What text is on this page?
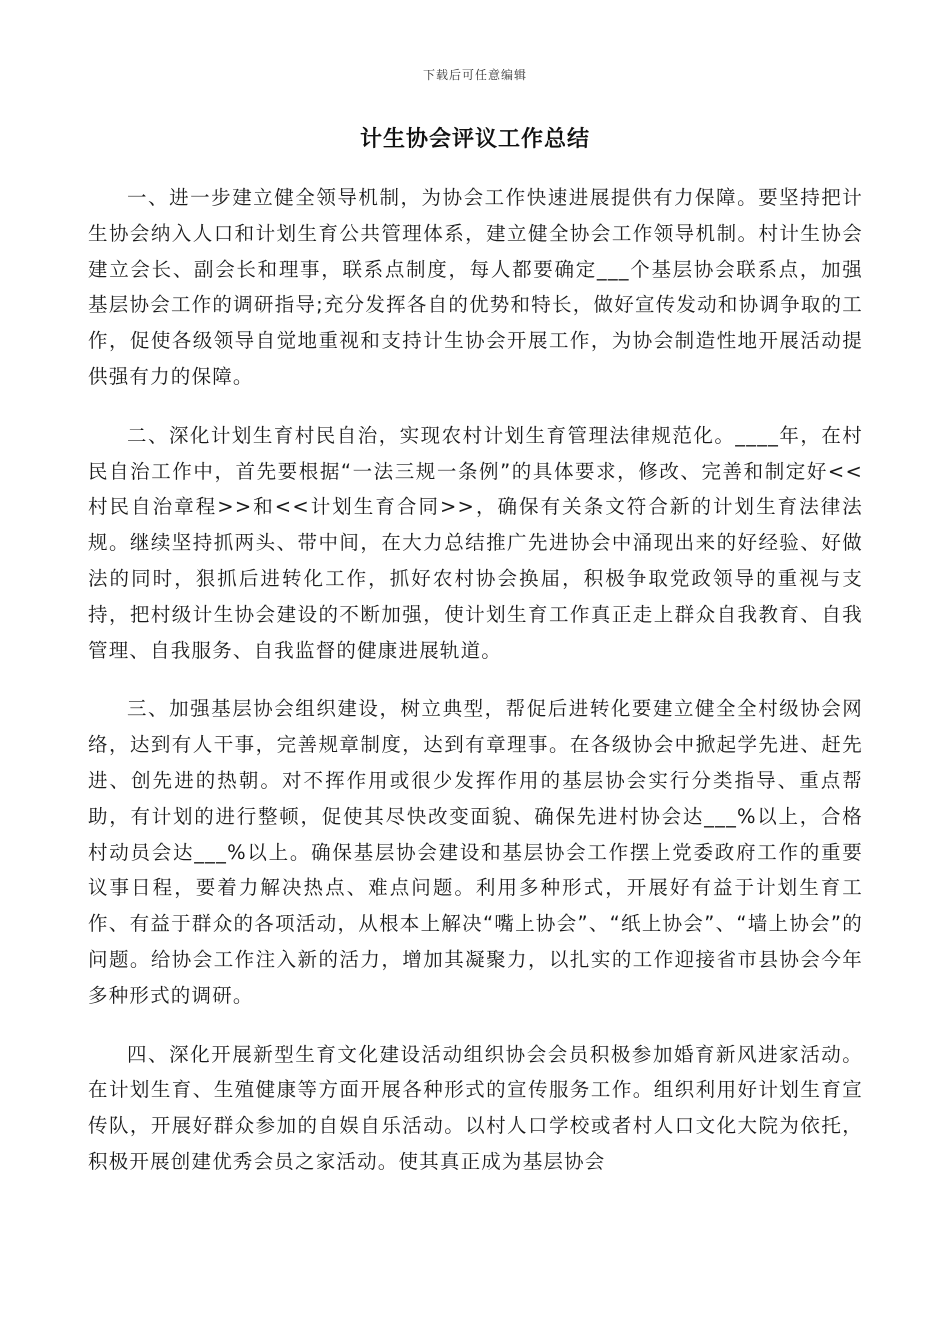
下载后可任意编辑
计生协会评议工作总结

一、进一步建立健全领导机制，为协会工作快速进展提供有力保障。要坚持把计生协会纳入人口和计划生育公共管理体系，建立健全协会工作领导机制。村计生协会建立会长、副会长和理事，联系点制度，每人都要确定___个基层协会联系点，加强基层协会工作的调研指导;充分发挥各自的优势和特长，做好宣传发动和协调争取的工作，促使各级领导自觉地重视和支持计生协会开展工作，为协会制造性地开展活动提供强有力的保障。

二、深化计划生育村民自治，实现农村计划生育管理法律规范化。____年，在村民自治工作中，首先要根据“一法三规一条例”的具体要求，修改、完善和制定好<<村民自治章程>>和<<计划生育合同>>，确保有关条文符合新的计划生育法律法规。继续坚持抓两头、带中间，在大力总结推广先进协会中涌现出来的好经验、好做法的同时，狠抓后进转化工作，抓好农村协会换届，积极争取党政领导的重视与支持，把村级计生协会建设的不断加强，使计划生育工作真正走上群众自我教育、自我管理、自我服务、自我监督的健康进展轨道。

三、加强基层协会组织建设，树立典型，帮促后进转化要建立健全全村级协会网络，达到有人干事，完善规章制度，达到有章理事。在各级协会中掀起学先进、赶先进、创先进的热朝。对不挥作用或很少发挥作用的基层协会实行分类指导、重点帮助，有计划的进行整顿，促使其尽快改变面貌、确保先进村协会达___%以上，合格村动员会达___%以上。确保基层协会建设和基层协会工作摆上党委政府工作的重要议事日程，要着力解决热点、难点问题。利用多种形式，开展好有益于计划生育工作、有益于群众的各项活动，从根本上解决“嘴上协会”、“纸上协会”、“墙上协会”的问题。给协会工作注入新的活力，增加其凝聚力，以扎实的工作迎接省市县协会今年多种形式的调研。

四、深化开展新型生育文化建设活动组织协会会员积极参加婚育新风进家活动。在计划生育、生殖健康等方面开展各种形式的宣传服务工作。组织利用好计划生育宣传队，开展好群众参加的自娱自乐活动。以村人口学校或者村人口文化大院为依托，积极开展创建优秀会员之家活动。使其真正成为基层协会
